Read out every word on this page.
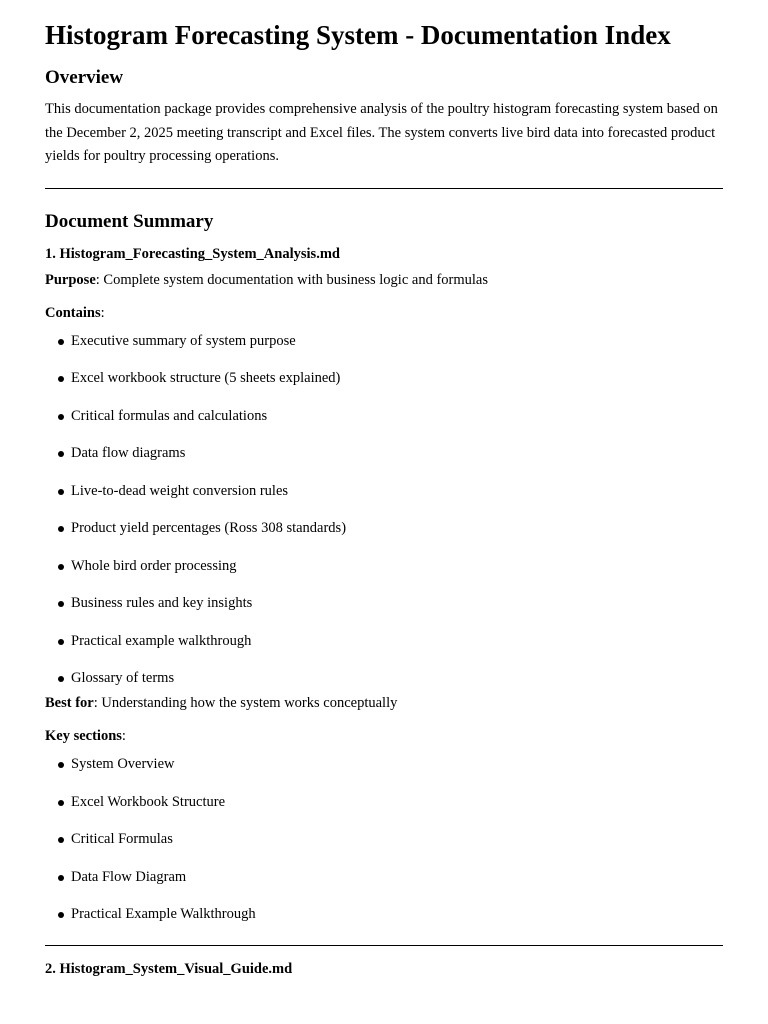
Histogram Forecasting System - Documentation Index
Overview

This documentation package provides comprehensive analysis of the poultry histogram forecasting system based on the December 2, 2025 meeting transcript and Excel files. The system converts live bird data into forecasted product yields for poultry processing operations.

Document Summary
1. Histogram_Forecasting_System_Analysis.md

Purpose: Complete system documentation with business logic and formulas

Contains:

Executive summary of system purpose
Excel workbook structure (5 sheets explained)
Critical formulas and calculations
Data flow diagrams
Live-to-dead weight conversion rules
Product yield percentages (Ross 308 standards)
Whole bird order processing
Business rules and key insights
Practical example walkthrough
Glossary of terms

Best for: Understanding how the system works conceptually

Key sections:

System Overview
Excel Workbook Structure
Critical Formulas
Data Flow Diagram
Practical Example Walkthrough
2. Histogram_System_Visual_Guide.md
